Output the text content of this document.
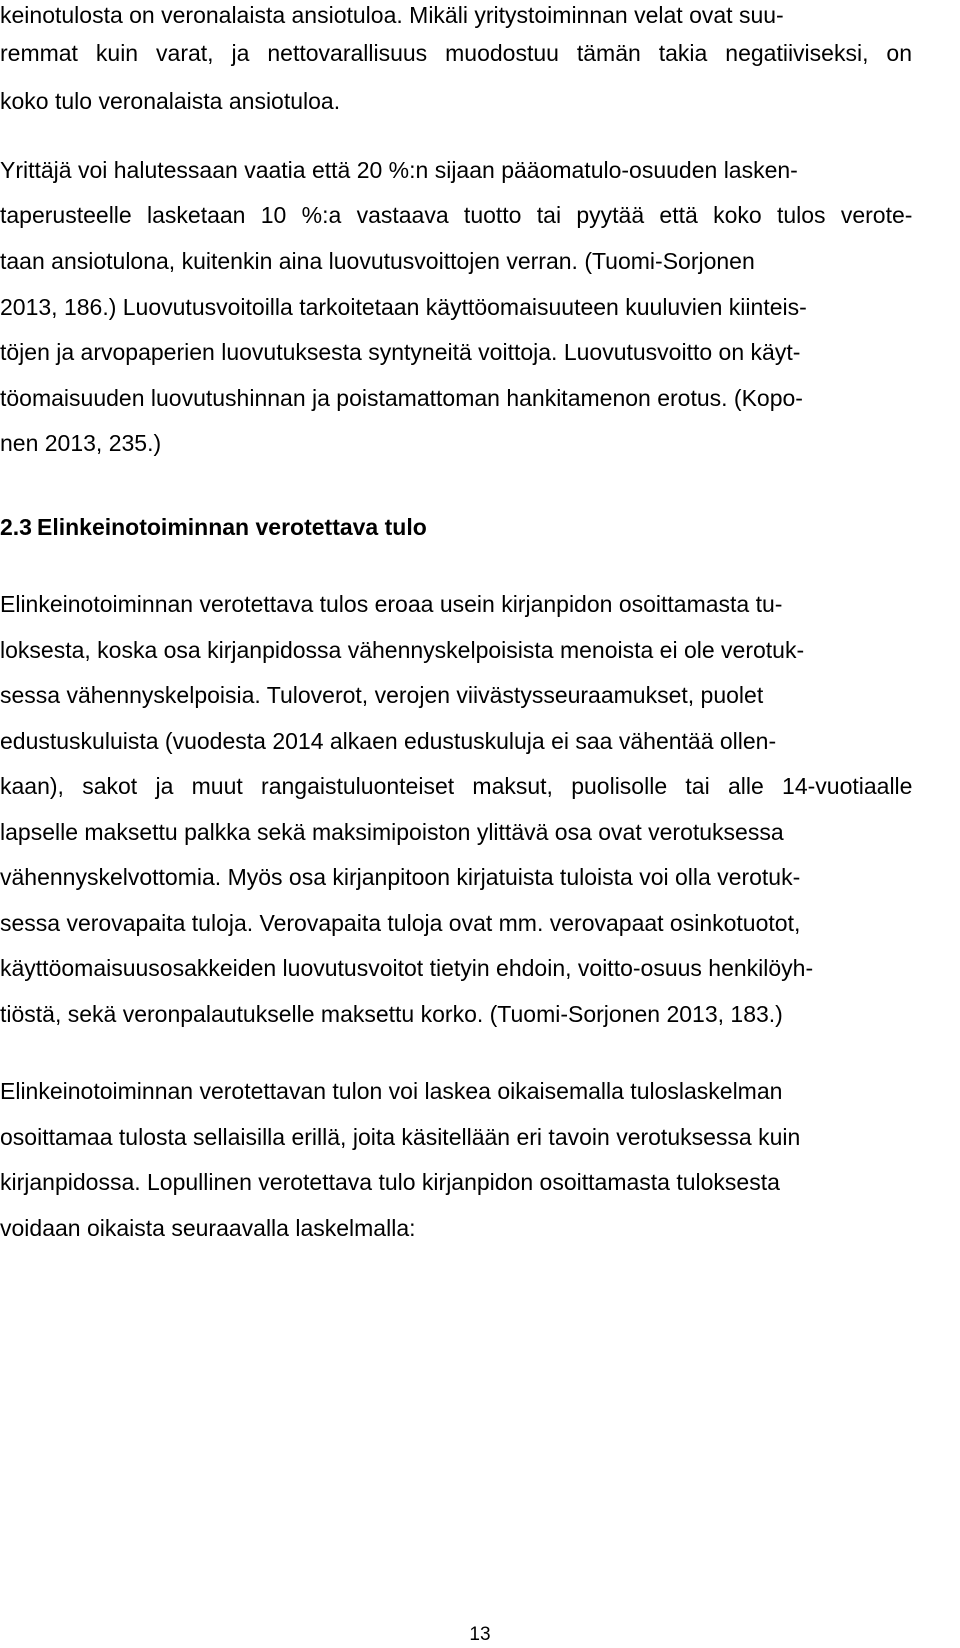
keinotulosta on veronalaista ansiotuloa. Mikäli yritystoiminnan velat ovat suu-
remmat kuin varat, ja nettovarallisuus muodostuu tämän takia negatiiviseksi, on
koko tulo veronalaista ansiotuloa.
Yrittäjä voi halutessaan vaatia että 20 %:n sijaan pääomatulo-osuuden lasken-
taperusteelle lasketaan 10 %:a vastaava tuotto tai pyytää että koko tulos verote-
taan ansiotulona, kuitenkin aina luovutusvoittojen verran. (Tuomi-Sorjonen
2013, 186.) Luovutusvoitoilla tarkoitetaan käyttöomaisuuteen kuuluvien kiinteis-
töjen ja arvopaperien luovutuksesta syntyneitä voittoja. Luovutusvoitto on käyt-
töomaisuuden luovutushinnan ja poistamattoman hankitamenon erotus. (Kopo-
nen 2013, 235.)
2.3 Elinkeinotoiminnan verotettava tulo
Elinkeinotoiminnan verotettava tulos eroaa usein kirjanpidon osoittamasta tu-
loksesta, koska osa kirjanpidossa vähennyskelpoisista menoista ei ole verotuk-
sessa vähennyskelpoisia. Tuloverot, verojen viivästysseuraamukset, puolet
edustuskuluista (vuodesta 2014 alkaen edustuskuluja ei saa vähentää ollen-
kaan), sakot ja muut rangaistuluonteiset maksut, puolisolle tai alle 14-vuotiaalle
lapselle maksettu palkka sekä maksimipoiston ylittävä osa ovat verotuksessa
vähennyskelvottomia. Myös osa kirjanpitoon kirjatuista tuloista voi olla verotuk-
sessa verovapaita tuloja. Verovapaita tuloja ovat mm. verovapaat osinkotuotot,
käyttöomaisuusosakkeiden luovutusvoitot tietyin ehdoin, voitto-osuus henkilöyh-
tiöstä, sekä veronpalautukselle maksettu korko. (Tuomi-Sorjonen 2013, 183.)
Elinkeinotoiminnan verotettavan tulon voi laskea oikaisemalla tuloslaskelman
osoittamaa tulosta sellaisilla erillä, joita käsitellään eri tavoin verotuksessa kuin
kirjanpidossa. Lopullinen verotettava tulo kirjanpidon osoittamasta tuloksesta
voidaan oikaista seuraavalla laskelmalla:
13
